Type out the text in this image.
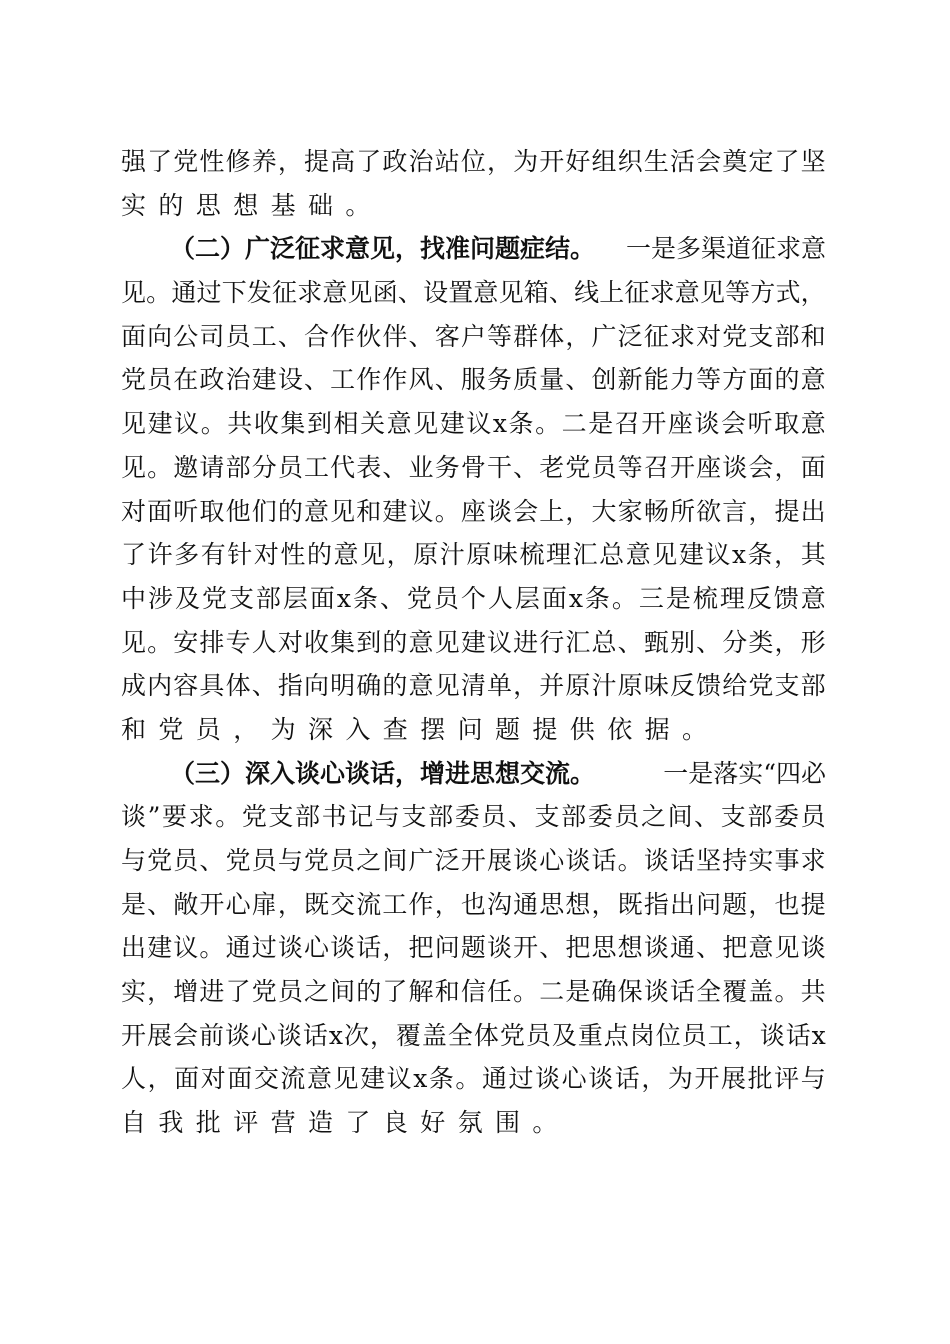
强 了 党 性 修 养 ， 提 高 了 政 治 站 位 ， 为 开 好 组 织 生 活 会 奠 定 了 坚
实的思想基础。
（二）广泛征求意见，找准问题症结。 一是多渠道征求意
见 。 通 过 下 发 征 求 意 见 函 、 设 置 意 见 箱 、 线 上 征 求 意 见 等 方 式 ，
面 向 公 司 员 工 、 合 作 伙 伴 、 客 户 等 群 体 ， 广 泛 征 求 对 党 支 部 和
党 员 在 政 治 建 设 、 工 作 作 风 、 服 务 质 量 、 创 新 能 力 等 方 面 的 意
见 建 议 。 共 收 集 到 相 关 意 见 建 议 x 条 。 二 是 召 开 座 谈 会 听 取 意
见 。 邀 请 部 分 员 工 代 表 、 业 务 骨 干 、 老 党 员 等 召 开 座 谈 会 ， 面
对 面 听 取 他 们 的 意 见 和 建 议 。 座 谈 会 上 ， 大 家 畅 所 欲 言 ， 提 出
了 许 多 有 针 对 性 的 意 见 ， 原 汁 原 味 梳 理 汇 总 意 见 建 议 x 条 ， 其
中 涉 及 党 支 部 层 面 x 条 、 党 员 个 人 层 面 x 条 。 三 是 梳 理 反 馈 意
见 。 安 排 专 人 对 收 集 到 的 意 见 建 议 进 行 汇 总 、 甄 别 、 分 类 ， 形
成 内 容 具 体 、 指 向 明 确 的 意 见 清 单 ， 并 原 汁 原 味 反 馈 给 党 支 部
和党员，为深入查摆问题提供依据。
（三）深入谈心谈话，增进思想交流。	一是落实“四必
谈 ” 要 求 。 党 支 部 书 记 与 支 部 委 员 、 支 部 委 员 之 间 、 支 部 委 员
与 党 员 、 党 员 与 党 员 之 间 广 泛 开 展 谈 心 谈 话 。 谈 话 坚 持 实 事 求
是 、 敞 开 心 扉 ， 既 交 流 工 作 ， 也 沟 通 思 想 ， 既 指 出 问 题 ， 也 提
出 建 议 。 通 过 谈 心 谈 话 ， 把 问 题 谈 开 、 把 思 想 谈 通 、 把 意 见 谈
实 ， 增 进 了 党 员 之 间 的 了 解 和 信 任 。 二 是 确 保 谈 话 全 覆 盖 。 共
开 展 会 前 谈 心 谈 话 x 次 ， 覆 盖 全 体 党 员 及 重 点 岗 位 员 工 ， 谈 话 x
人 ， 面 对 面 交 流 意 见 建 议 x 条 。 通 过 谈 心 谈 话 ， 为 开 展 批 评 与
自我批评营造了良好氛围。
